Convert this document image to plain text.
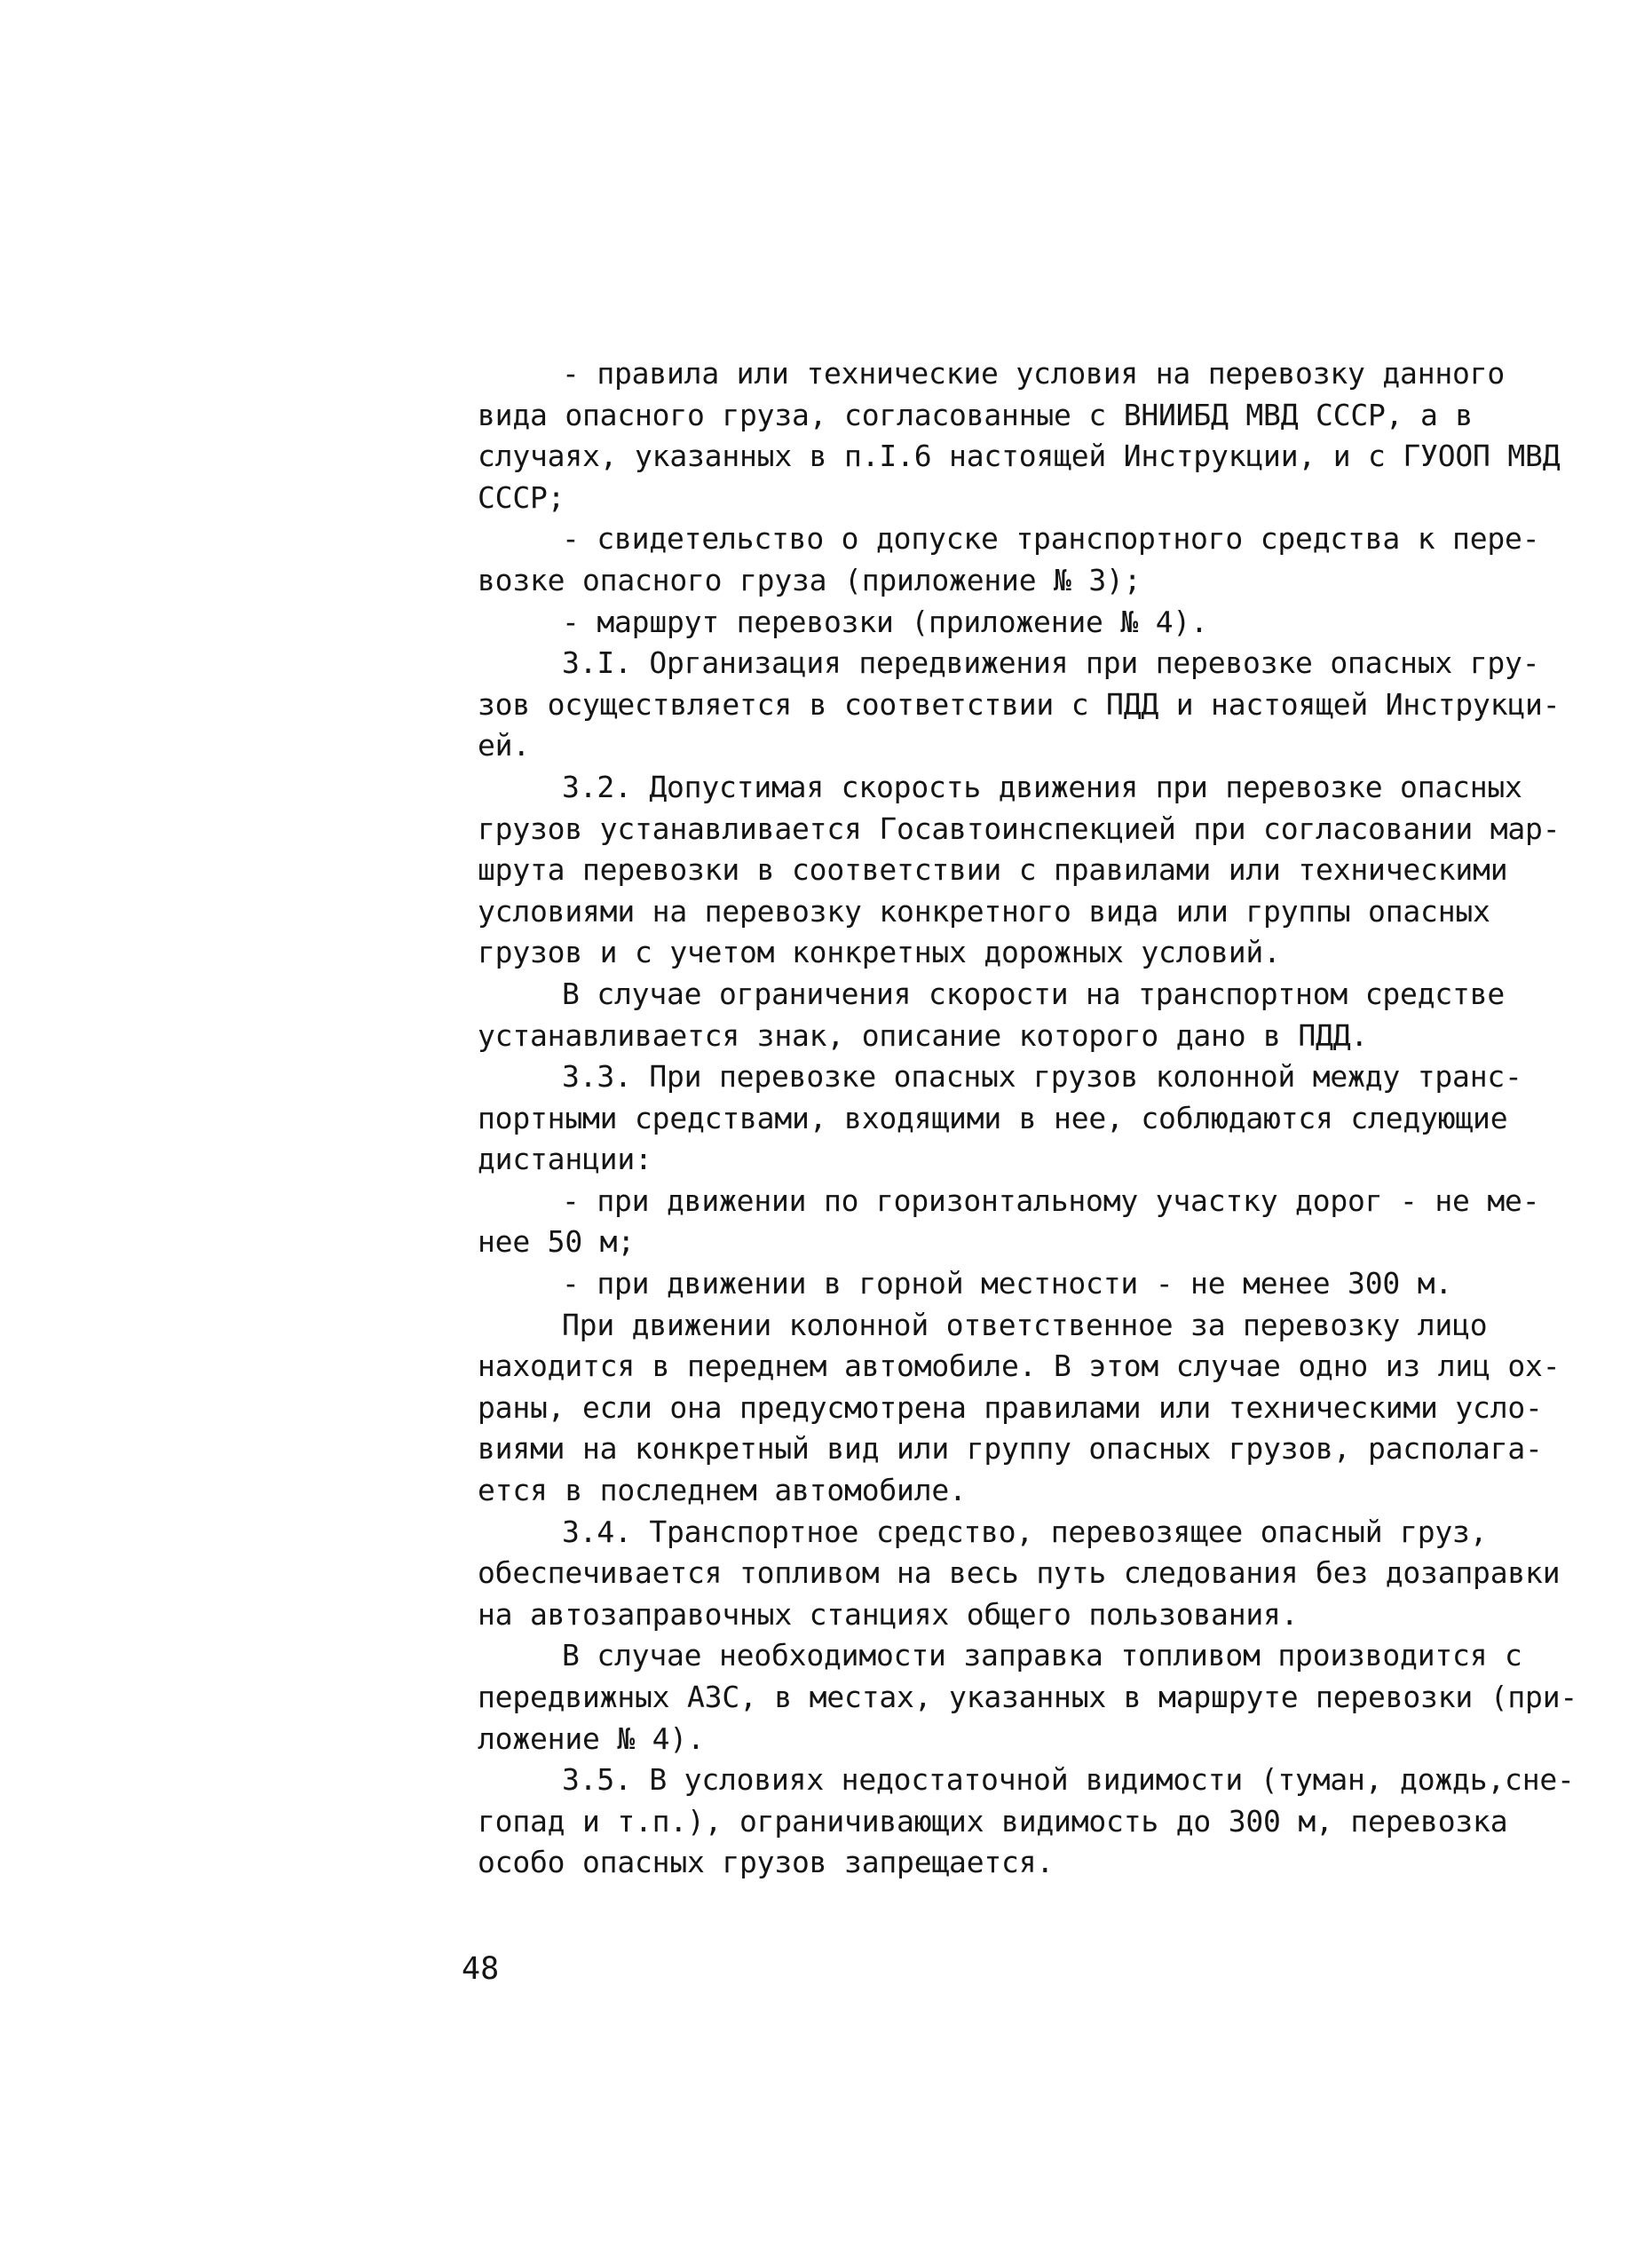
- правила или технические условия на перевозку данного
вида опасного груза, согласованные с ВНИИБД МВД СССР, а в
случаях, указанных в п.I.6 настоящей Инструкции, и с ГУООП МВД
СССР;
- свидетельство о допуске транспортного средства к пере-
возке опасного груза (приложение № 3);
- маршрут перевозки (приложение № 4).
3.I. Организация передвижения при перевозке опасных гру-
зов осуществляется в соответствии с ПДД и настоящей Инструкци-
ей.
3.2. Допустимая скорость движения при перевозке опасных
грузов устанавливается Госавтоинспекцией при согласовании мар-
шрута перевозки в соответствии с правилами или техническими
условиями на перевозку конкретного вида или группы опасных
грузов и с учетом конкретных дорожных условий.
В случае ограничения скорости на транспортном средстве
устанавливается знак, описание которого дано в ПДД.
3.3. При перевозке опасных грузов колонной между транс-
портными средствами, входящими в нее, соблюдаются следующие
дистанции:
- при движении по горизонтальному участку дорог - не ме-
нее 50 м;
- при движении в горной местности - не менее 300 м.
При движении колонной ответственное за перевозку лицо
находится в переднем автомобиле. В этом случае одно из лиц ох-
раны, если она предусмотрена правилами или техническими усло-
виями на конкретный вид или группу опасных грузов, располага-
ется в последнем автомобиле.
3.4. Транспортное средство, перевозящее опасный груз,
обеспечивается топливом на весь путь следования без дозаправки
на автозаправочных станциях общего пользования.
В случае необходимости заправка топливом производится с
передвижных АЗС, в местах, указанных в маршруте перевозки (при-
ложение № 4).
3.5. В условиях недостаточной видимости (туман, дождь,сне-
гопад и т.п.), ограничивающих видимость до 300 м, перевозка
особо опасных грузов запрещается.
48
